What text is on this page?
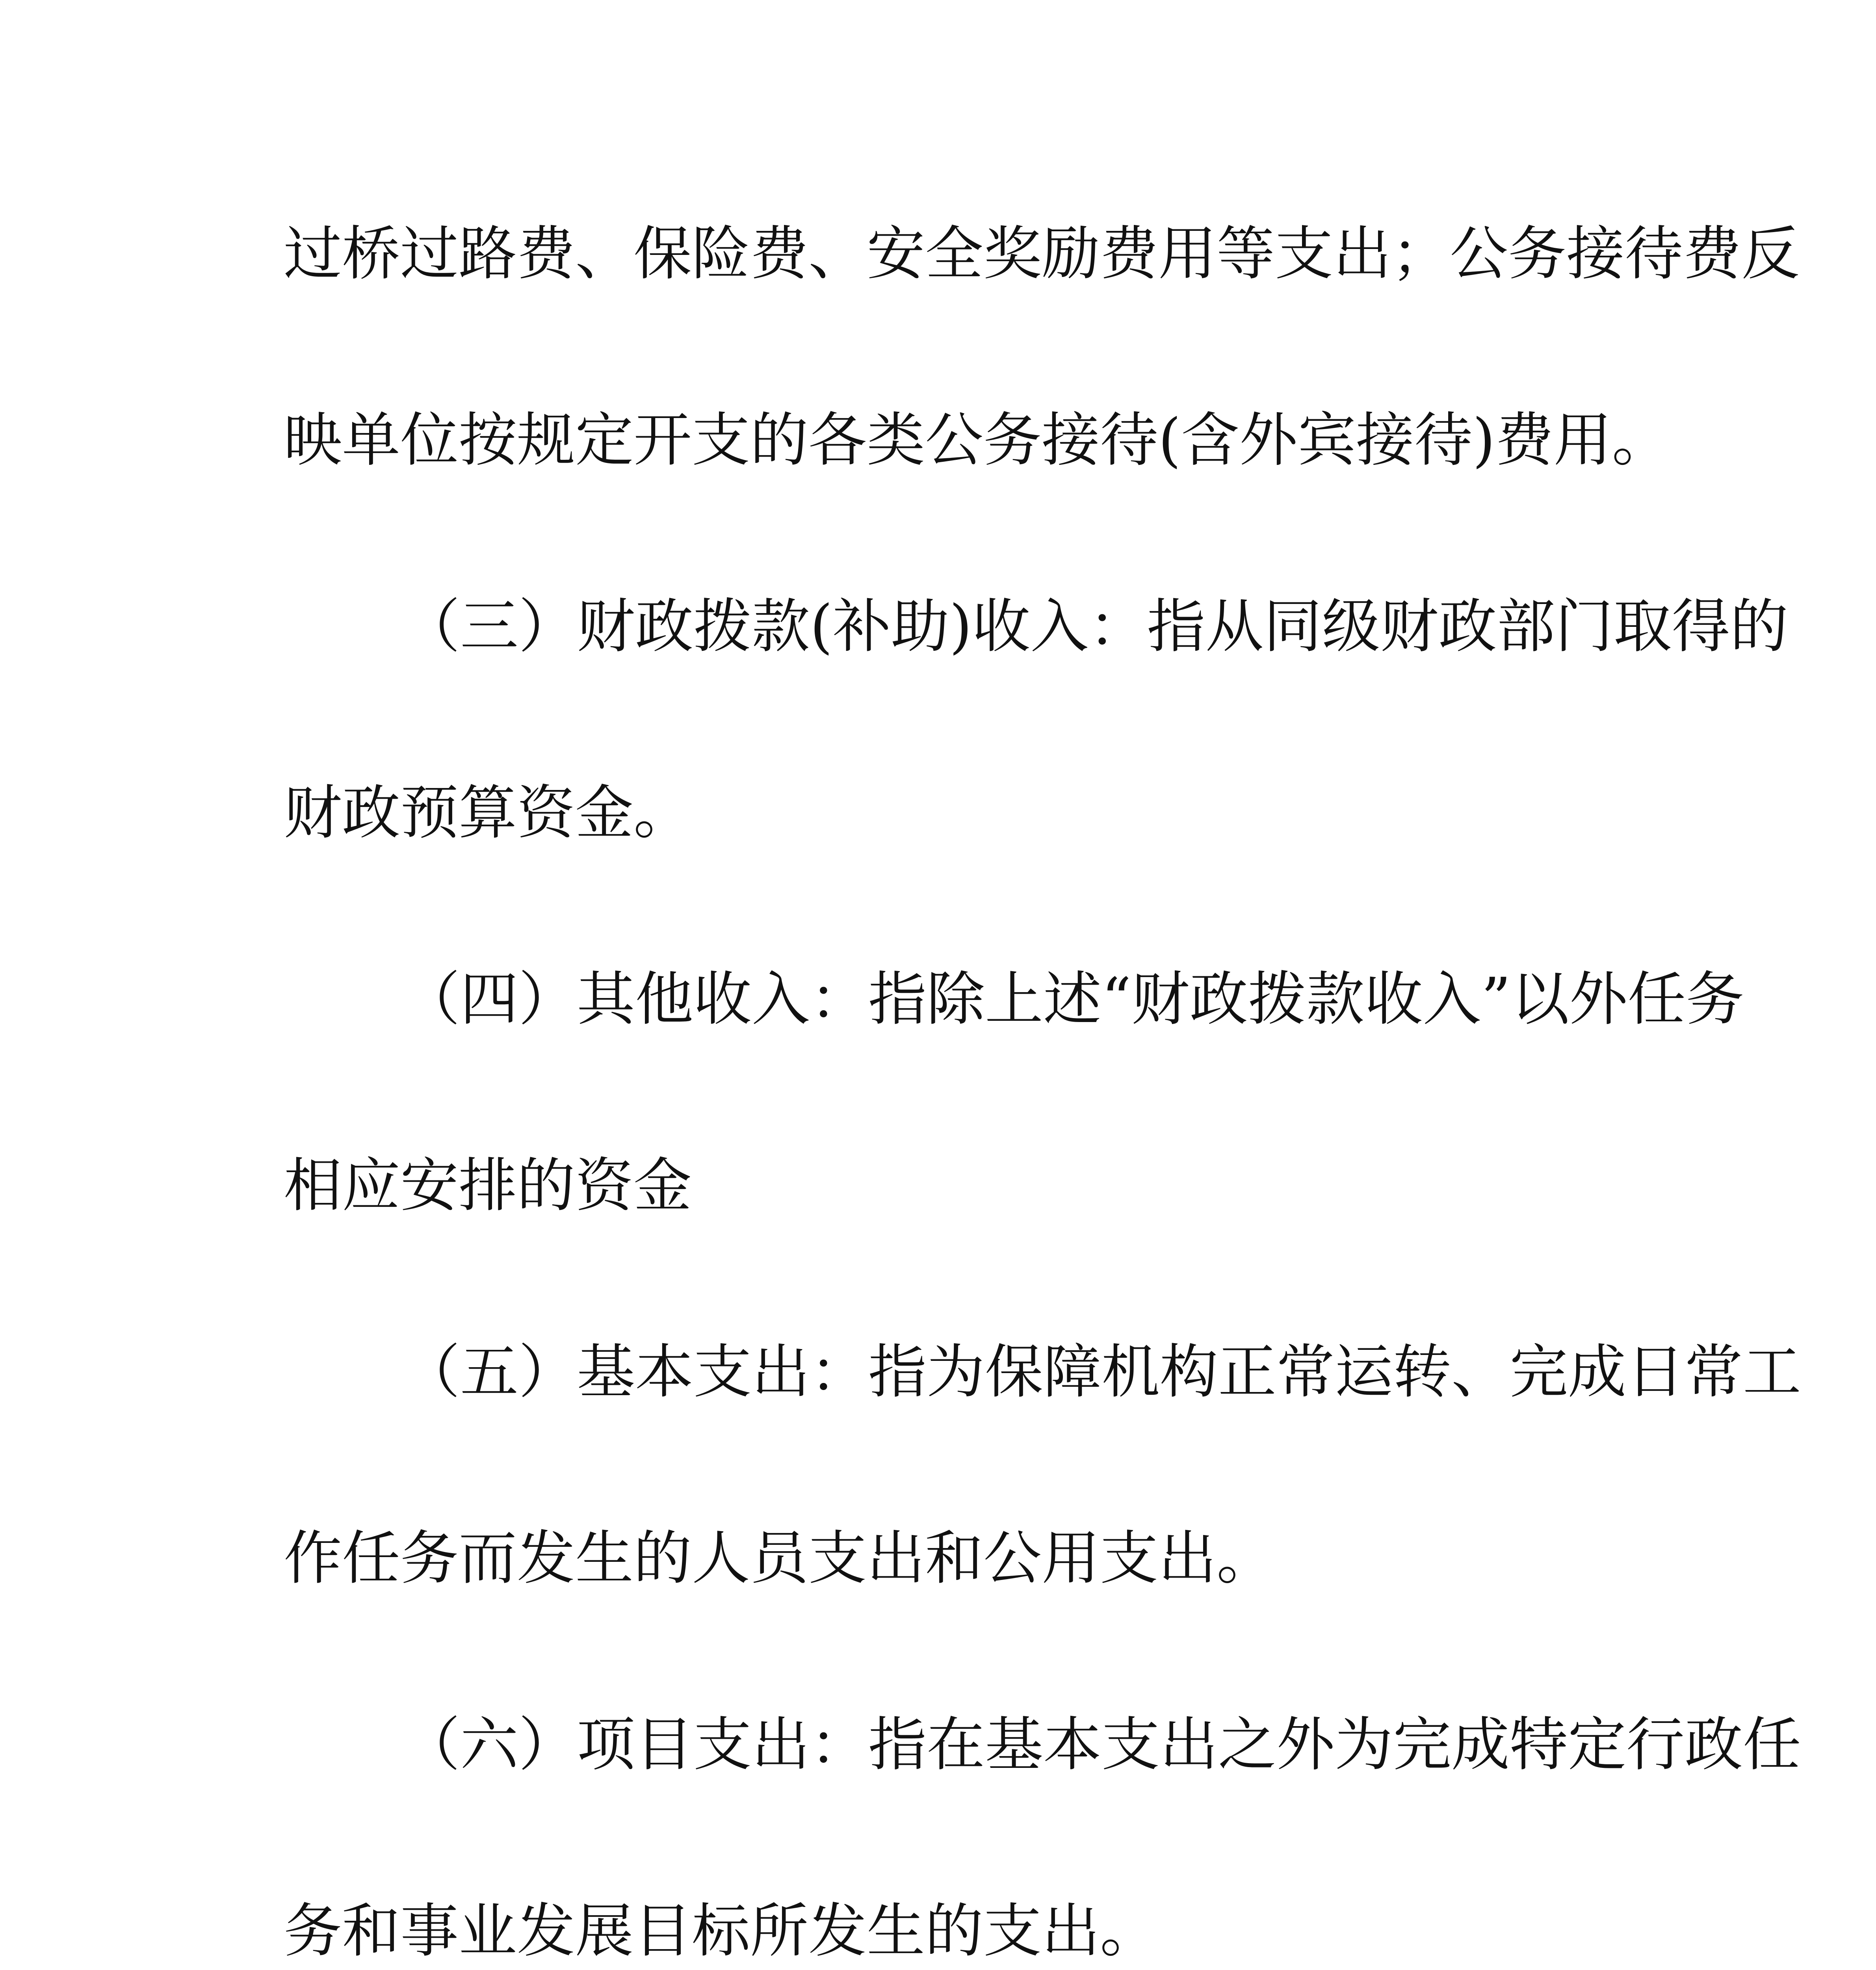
过桥过路费、保险费、安全奖励费用等支出；公务接待费反
映单位按规定开支的各类公务接待(含外宾接待)费用。
（三）财政拨款(补助)收入：指从同级财政部门取得的
财政预算资金。
（四）其他收入：指除上述“财政拨款收入”以外任务
相应安排的资金
（五）基本支出：指为保障机构正常运转、完成日常工
作任务而发生的人员支出和公用支出。
（六）项目支出：指在基本支出之外为完成特定行政任
务和事业发展目标所发生的支出。
